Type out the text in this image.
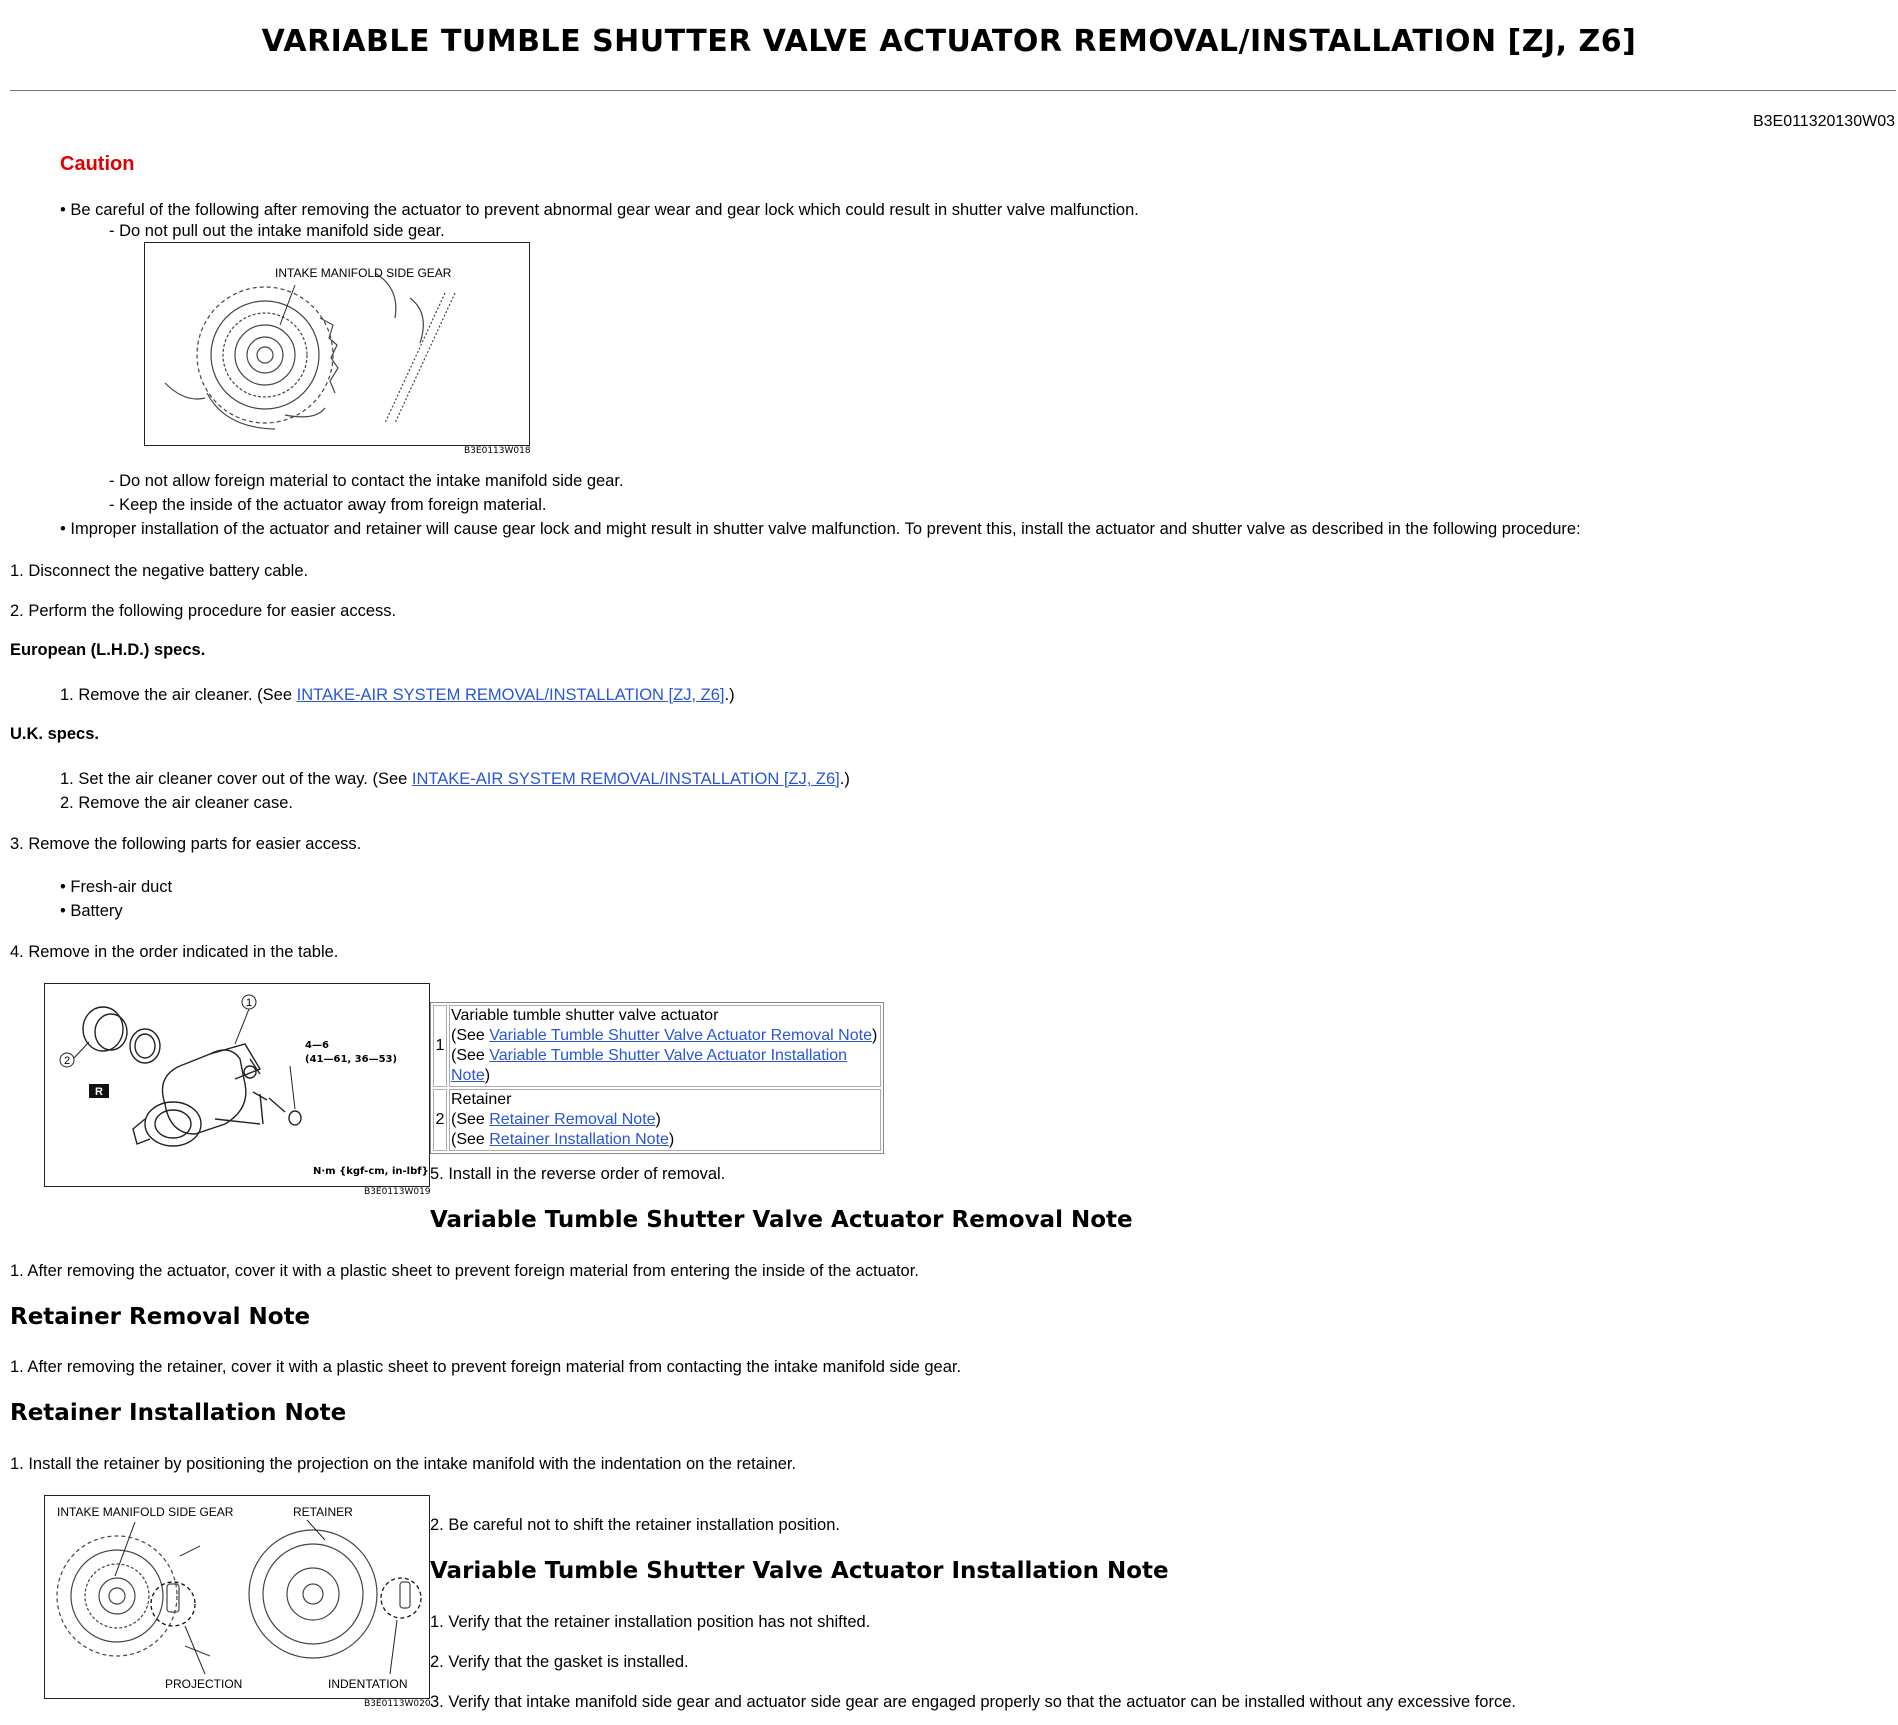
VARIABLE TUMBLE SHUTTER VALVE ACTUATOR REMOVAL/INSTALLATION [ZJ, Z6]
B3E011320130W03
Caution
• Be careful of the following after removing the actuator to prevent abnormal gear wear and gear lock which could result in shutter valve malfunction.
- Do not pull out the intake manifold side gear.
INTAKE MANIFOLD SIDE GEAR
B3E0113W018
- Do not allow foreign material to contact the intake manifold side gear.
- Keep the inside of the actuator away from foreign material.
• Improper installation of the actuator and retainer will cause gear lock and might result in shutter valve malfunction. To prevent this, install the actuator and shutter valve as described in the following procedure:
1. Disconnect the negative battery cable.
2. Perform the following procedure for easier access.
European (L.H.D.) specs.
1. Remove the air cleaner. (See INTAKE-AIR SYSTEM REMOVAL/INSTALLATION [ZJ, Z6].)
U.K. specs.
1. Set the air cleaner cover out of the way. (See INTAKE-AIR SYSTEM REMOVAL/INSTALLATION [ZJ, Z6].)
2. Remove the air cleaner case.
3. Remove the following parts for easier access.
• Fresh-air duct
• Battery
4. Remove in the order indicated in the table.
1
2
R
4—6
(41—61, 36—53)
N·m {kgf-cm, in-lbf}
B3E0113W019
1	Variable tumble shutter valve actuator
(See Variable Tumble Shutter Valve Actuator Removal Note)
(See Variable Tumble Shutter Valve Actuator Installation Note)

2	Retainer
(See Retainer Removal Note)
(See Retainer Installation Note)
5. Install in the reverse order of removal.
Variable Tumble Shutter Valve Actuator Removal Note
1. After removing the actuator, cover it with a plastic sheet to prevent foreign material from entering the inside of the actuator.
Retainer Removal Note
1. After removing the retainer, cover it with a plastic sheet to prevent foreign material from contacting the intake manifold side gear.
Retainer Installation Note
1. Install the retainer by positioning the projection on the intake manifold with the indentation on the retainer.
INTAKE MANIFOLD SIDE GEAR	RETAINER
PROJECTION	INDENTATION
B3E0113W020
2. Be careful not to shift the retainer installation position.
Variable Tumble Shutter Valve Actuator Installation Note
1. Verify that the retainer installation position has not shifted.
2. Verify that the gasket is installed.
3. Verify that intake manifold side gear and actuator side gear are engaged properly so that the actuator can be installed without any excessive force.
